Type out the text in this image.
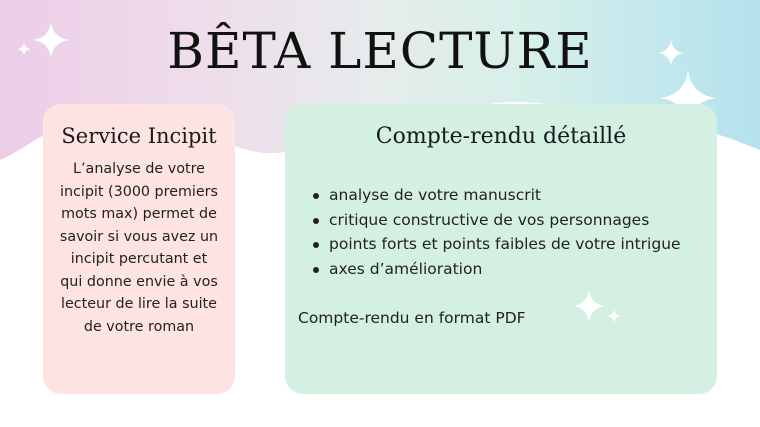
BÊTA LECTURE
Service Incipit

L’analyse de votre incipit (3000 premiers mots max) permet de savoir si vous avez un incipit percutant et qui donne envie à vos lecteur de lire la suite de votre roman

Compte-rendu détaillé
analyse de votre manuscrit
critique constructive de vos personnages
points forts et points faibles de votre intrigue
axes d’amélioration

Compte-rendu en format PDF
